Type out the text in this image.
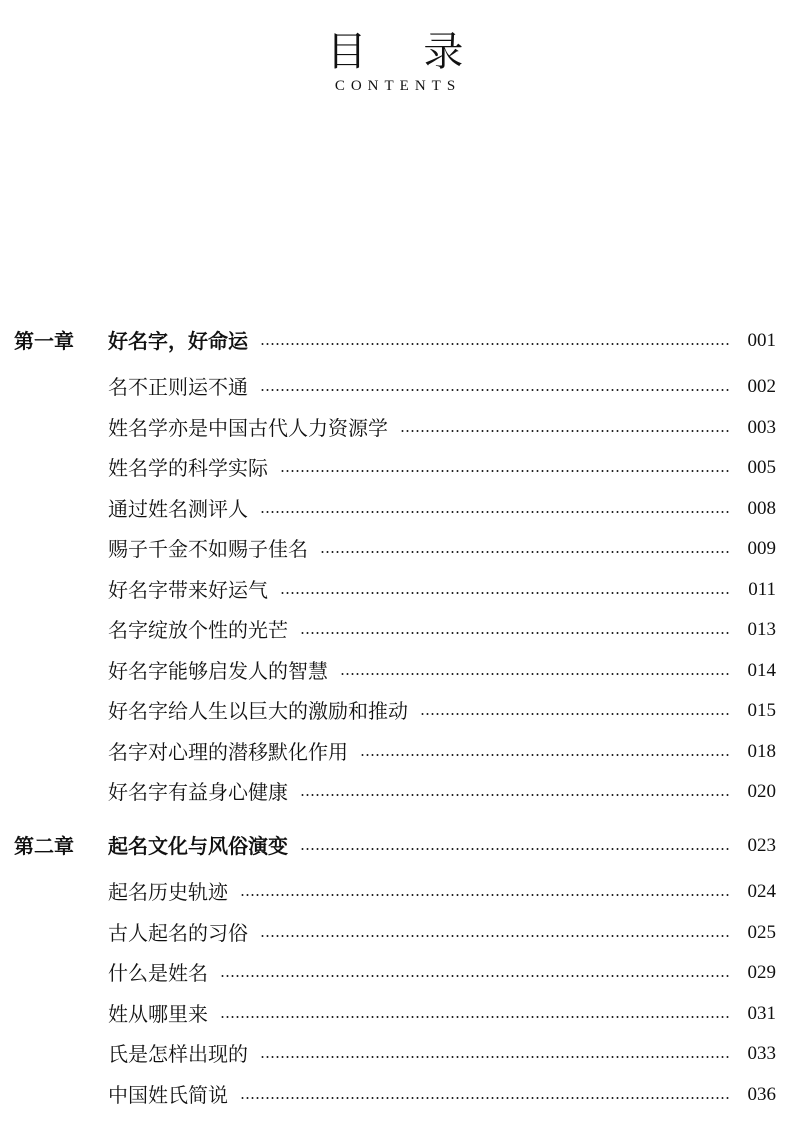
目 录
CONTENTS
第一章 好名字，好命运	001
名不正则运不通	002
姓名学亦是中国古代人力资源学	003
姓名学的科学实际	005
通过姓名测评人	008
赐子千金不如赐子佳名	009
好名字带来好运气	011
名字绽放个性的光芒	013
好名字能够启发人的智慧	014
好名字给人生以巨大的激励和推动	015
名字对心理的潜移默化作用	018
好名字有益身心健康	020
第二章 起名文化与风俗演变	023
起名历史轨迹	024
古人起名的习俗	025
什么是姓名	029
姓从哪里来	031
氏是怎样出现的	033
中国姓氏简说	036
